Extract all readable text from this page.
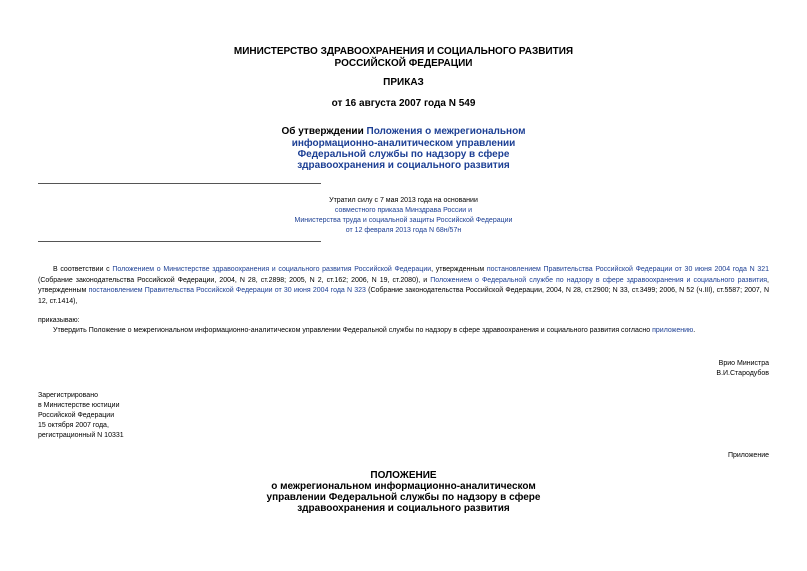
МИНИСТЕРСТВО ЗДРАВООХРАНЕНИЯ И СОЦИАЛЬНОГО РАЗВИТИЯ
РОССИЙСКОЙ ФЕДЕРАЦИИ
ПРИКАЗ
от 16 августа 2007 года N 549
Об утверждении Положения о межрегиональном
информационно-аналитическом управлении
Федеральной службы по надзору в сфере
здравоохранения и социального развития
Утратил силу с 7 мая 2013 года на основании
совместного приказа Минздрава России и
Министерства труда и социальной защиты Российской Федерации
от 12 февраля 2013 года N 68н/57н
В соответствии с Положением о Министерстве здравоохранения и социального развития Российской Федерации, утвержденным постановлением Правительства Российской Федерации от 30 июня 2004 года N 321 (Собрание законодательства Российской Федерации, 2004, N 28, ст.2898; 2005, N 2, ст.162; 2006, N 19, ст.2080), и Положением о Федеральной службе по надзору в сфере здравоохранения и социального развития, утвержденным постановлением Правительства Российской Федерации от 30 июня 2004 года N 323 (Собрание законодательства Российской Федерации, 2004, N 28, ст.2900; N 33, ст.3499; 2006, N 52 (ч.III), ст.5587; 2007, N 12, ст.1414),
приказываю:
Утвердить Положение о межрегиональном информационно-аналитическом управлении Федеральной службы по надзору в сфере здравоохранения и социального развития согласно приложению.
Врио Министра
В.И.Стародубов
Зарегистрировано
в Министерстве юстиции
Российской Федерации
15 октября 2007 года,
регистрационный N 10331
Приложение
ПОЛОЖЕНИЕ
о межрегиональном информационно-аналитическом
управлении Федеральной службы по надзору в сфере
здравоохранения и социального развития
